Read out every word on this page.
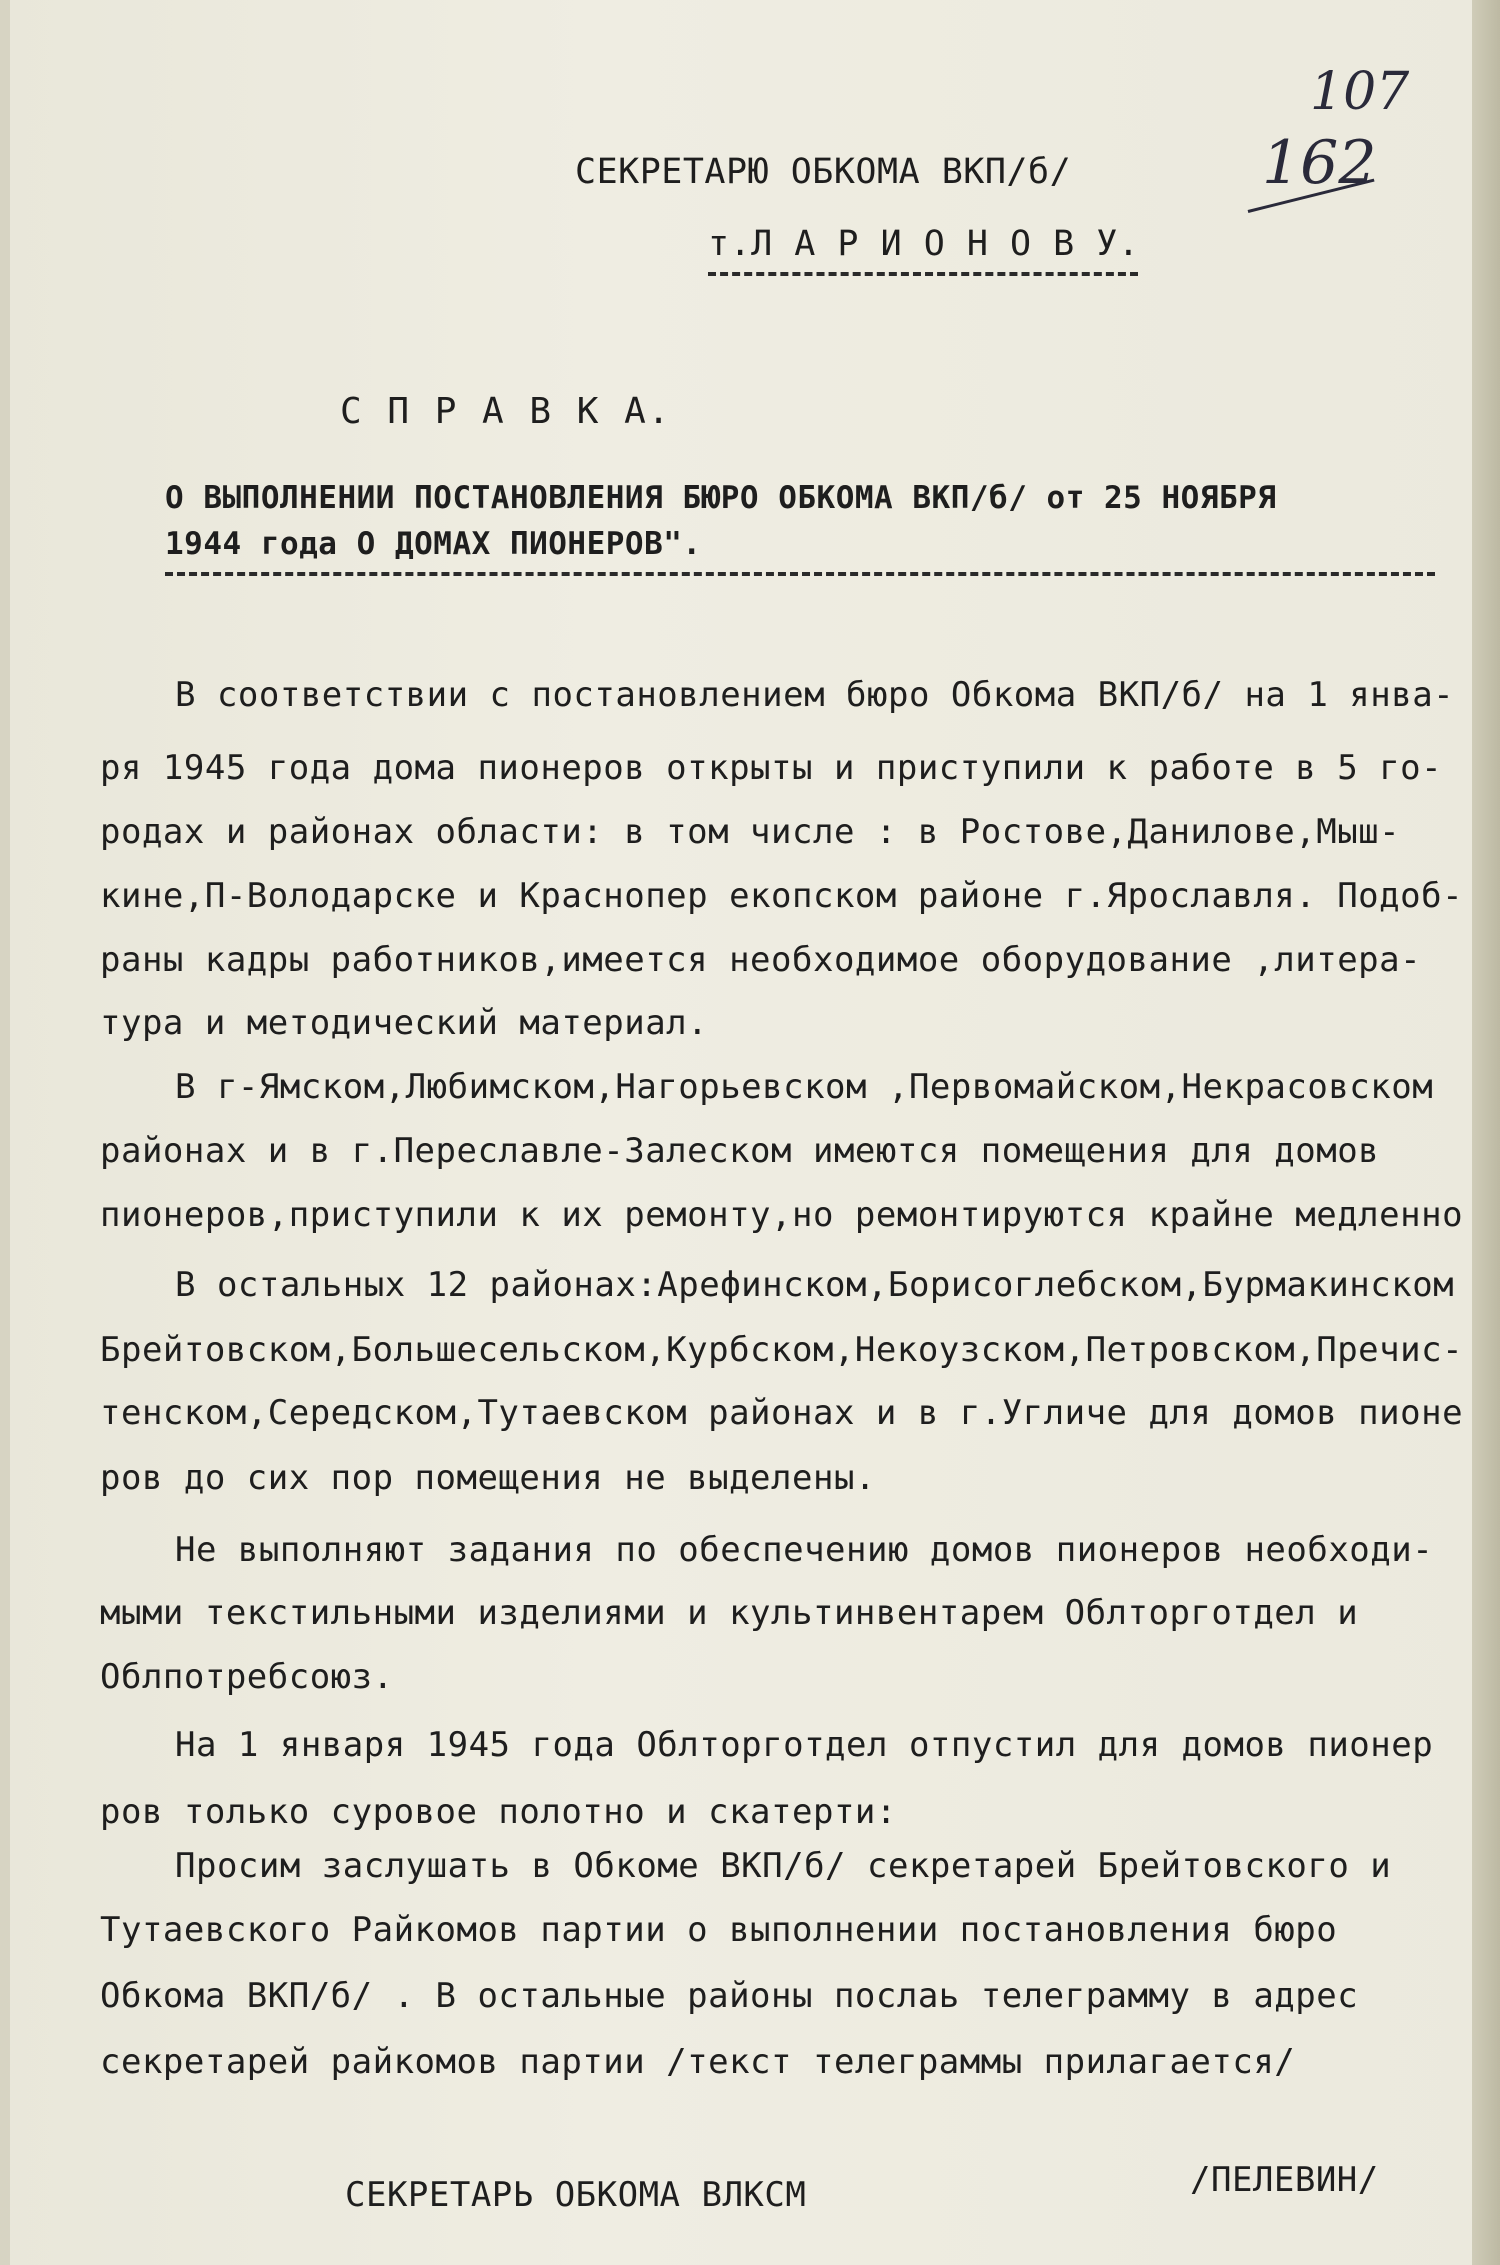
107
162
СЕКРЕТАРЮ ОБКОМА ВКП/б/
т.Л А Р И О Н О В У.
С П Р А В К А.
О ВЫПОЛНЕНИИ ПОСТАНОВЛЕНИЯ БЮРО ОБКОМА ВКП/б/ от 25 НОЯБРЯ
1944 года О ДОМАХ ПИОНЕРОВ".
В соответствии с постановлением бюро Обкома ВКП/б/ на 1 янва-
ря 1945 года дома пионеров открыты и приступили к работе в 5 го-
родах и районах области: в том числе : в Ростове,Данилове,Мыш-
кине,П-Володарске и Краснопер екопском районе г.Ярославля. Подоб-
раны кадры работников,имеется необходимое оборудование ,литера-
тура и методический материал.
В г-Ямском,Любимском,Нагорьевском ,Первомайском,Некрасовском
районах и в г.Переславле-Залеском имеются помещения для домов
пионеров,приступили к их ремонту,но ремонтируются крайне медленно
В остальных 12 районах:Арефинском,Борисоглебском,Бурмакинском
Брейтовском,Большесельском,Курбском,Некоузском,Петровском,Пречис-
тенском,Середском,Тутаевском районах и в г.Угличе для домов пионе
ров до сих пор помещения не выделены.
Не выполняют задания по обеспечению домов пионеров необходи-
мыми текстильными изделиями и культинвентарем Облторготдел и
Облпотребсоюз.
На 1 января 1945 года Облторготдел отпустил для домов пионер
ров только суровое полотно и скатерти:
Просим заслушать в Обкоме ВКП/б/ секретарей Брейтовского и
Тутаевского Райкомов партии о выполнении постановления бюро
Обкома ВКП/б/ . В остальные районы послаь телеграмму в адрес
секретарей райкомов партии /текст телеграммы прилагается/
СЕКРЕТАРЬ ОБКОМА ВЛКСМ	/ПЕЛЕВИН/
